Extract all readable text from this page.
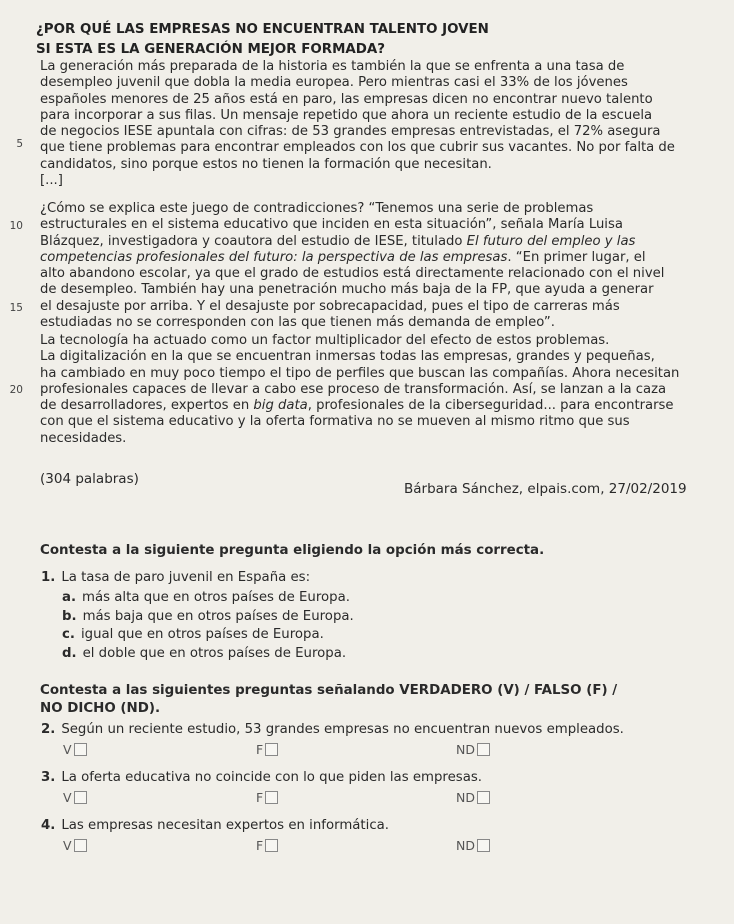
¿POR QUÉ LAS EMPRESAS NO ENCUENTRAN TALENTO JOVEN
SI ESTA ES LA GENERACIÓN MEJOR FORMADA?
La generación más preparada de la historia es también la que se enfrenta a una tasa de
desempleo juvenil que dobla la media europea. Pero mientras casi el 33% de los jóvenes
españoles menores de 25 años está en paro, las empresas dicen no encontrar nuevo talento
para incorporar a sus filas. Un mensaje repetido que ahora un reciente estudio de la escuela
de negocios IESE apuntala con cifras: de 53 grandes empresas entrevistadas, el 72% asegura
que tiene problemas para encontrar empleados con los que cubrir sus vacantes. No por falta de
candidatos, sino porque estos no tienen la formación que necesitan.
[...]
¿Cómo se explica este juego de contradicciones? “Tenemos una serie de problemas
estructurales en el sistema educativo que inciden en esta situación”, señala María Luisa
Blázquez, investigadora y coautora del estudio de IESE, titulado El futuro del empleo y las
competencias profesionales del futuro: la perspectiva de las empresas. “En primer lugar, el
alto abandono escolar, ya que el grado de estudios está directamente relacionado con el nivel
de desempleo. También hay una penetración mucho más baja de la FP, que ayuda a generar
el desajuste por arriba. Y el desajuste por sobrecapacidad, pues el tipo de carreras más
estudiadas no se corresponden con las que tienen más demanda de empleo”.
La tecnología ha actuado como un factor multiplicador del efecto de estos problemas.
La digitalización en la que se encuentran inmersas todas las empresas, grandes y pequeñas,
ha cambiado en muy poco tiempo el tipo de perfiles que buscan las compañías. Ahora necesitan
profesionales capaces de llevar a cabo ese proceso de transformación. Así, se lanzan a la caza
de desarrolladores, expertos en big data, profesionales de la ciberseguridad... para encontrarse
con que el sistema educativo y la oferta formativa no se mueven al mismo ritmo que sus
necesidades.
5
10
15
20
(304 palabras)
Bárbara Sánchez, elpais.com, 27/02/2019
Contesta a la siguiente pregunta eligiendo la opción más correcta.
1. La tasa de paro juvenil en España es:
a. más alta que en otros países de Europa.
b. más baja que en otros países de Europa.
c. igual que en otros países de Europa.
d. el doble que en otros países de Europa.
Contesta a las siguientes preguntas señalando VERDADERO (V) / FALSO (F) /
NO DICHO (ND).
2. Según un reciente estudio, 53 grandes empresas no encuentran nuevos empleados.
V	F	ND
3. La oferta educativa no coincide con lo que piden las empresas.
V	F	ND
4. Las empresas necesitan expertos en informática.
V	F	ND
